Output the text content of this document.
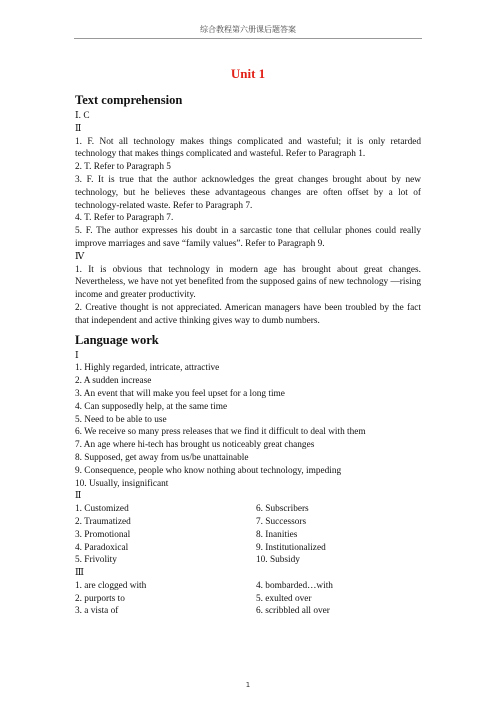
综合教程第六册课后题答案
Unit 1
Text comprehension
Ⅰ. C
Ⅱ
1. F. Not all technology makes things complicated and wasteful; it is only retarded technology that makes things complicated and wasteful. Refer to Paragraph 1.
2. T. Refer to Paragraph 5
3. F. It is true that the author acknowledges the great changes brought about by new technology, but he believes these advantageous changes are often offset by a lot of technology-related waste. Refer to Paragraph 7.
4. T. Refer to Paragraph 7.
5. F. The author expresses his doubt in a sarcastic tone that cellular phones could really improve marriages and save “family values”. Refer to Paragraph 9.
Ⅳ
1. It is obvious that technology in modern age has brought about great changes. Nevertheless, we have not yet benefited from the supposed gains of new technology —rising income and greater productivity.
2. Creative thought is not appreciated. American managers have been troubled by the fact that independent and active thinking gives way to dumb numbers.
Language work
Ⅰ
1. Highly regarded, intricate, attractive
2. A sudden increase
3. An event that will make you feel upset for a long time
4. Can supposedly help, at the same time
5. Need to be able to use
6. We receive so many press releases that we find it difficult to deal with them
7. An age where hi-tech has brought us noticeably great changes
8. Supposed, get away from us/be unattainable
9. Consequence, people who know nothing about technology, impeding
10. Usually, insignificant
Ⅱ
1. Customized
2. Traumatized
3. Promotional
4. Paradoxical
5. Frivolity
6. Subscribers
7. Successors
8. Inanities
9. Institutionalized
10. Subsidy
Ⅲ
1. are clogged with
2. purports to
3. a vista of
4. bombarded…with
5. exulted over
6. scribbled all over
1
